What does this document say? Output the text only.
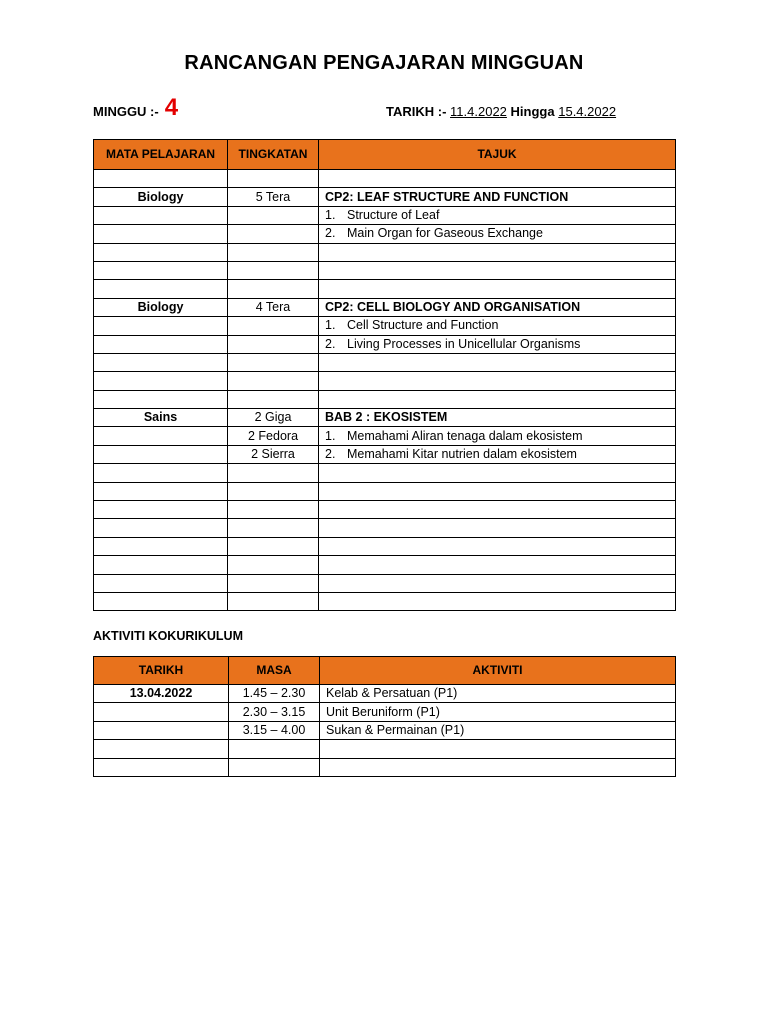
RANCANGAN PENGAJARAN MINGGUAN
MINGGU :- 4	TARIKH :- 11.4.2022 Hingga 15.4.2022
MATA PELAJARAN	TINGKATAN	TAJUK

Biology	5 Tera	CP2: LEAF STRUCTURE AND FUNCTION
		1. Structure of Leaf
		2. Main Organ for Gaseous Exchange

Biology	4 Tera	CP2: CELL BIOLOGY AND ORGANISATION
		1. Cell Structure and Function
		2. Living Processes in Unicellular Organisms

Sains	2 Giga	BAB 2 : EKOSISTEM
	2 Fedora	1. Memahami Aliran tenaga dalam ekosistem
	2 Sierra	2. Memahami Kitar nutrien dalam ekosistem

AKTIVITI KOKURIKULUM
TARIKH	MASA	AKTIVITI
13.04.2022	1.45 – 2.30	Kelab & Persatuan (P1)
	2.30 – 3.15	Unit Beruniform (P1)
	3.15 – 4.00	Sukan & Permainan (P1)
